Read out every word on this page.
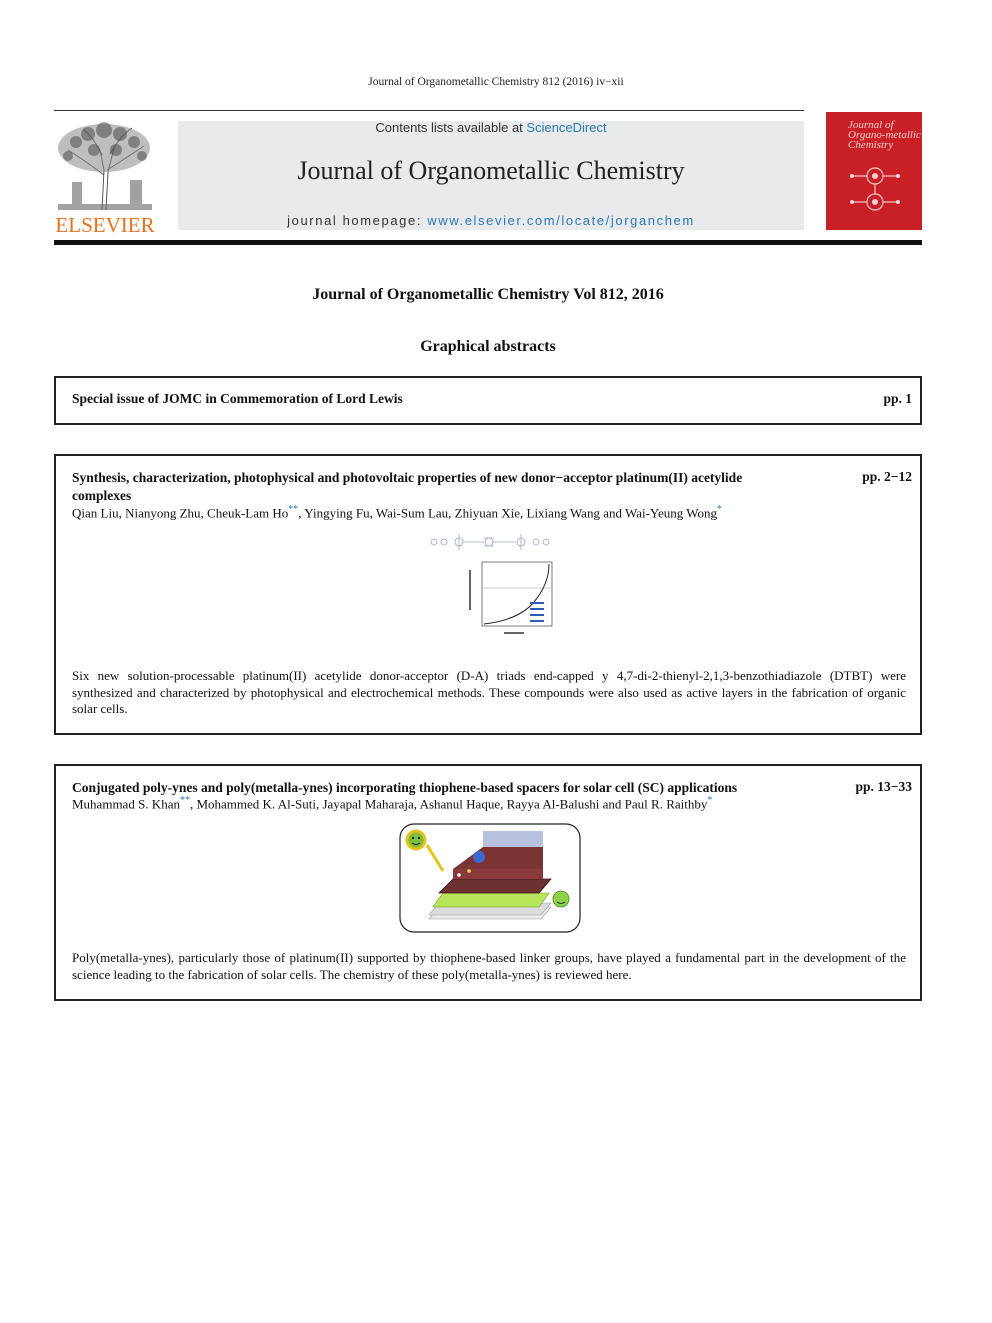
Journal of Organometallic Chemistry 812 (2016) iv−xii
ELSEVIER
Contents lists available at ScienceDirect
Journal of Organometallic Chemistry
journal homepage: www.elsevier.com/locate/jorganchem
Journal of Organo-metallic Chemistry
Journal of Organometallic Chemistry Vol 812, 2016
Graphical abstracts
Special issue of JOMC in Commemoration of Lord Lewis	pp. 1
Synthesis, characterization, photophysical and photovoltaic properties of new donor−acceptor platinum(II) acetylide complexes
pp. 2−12
Qian Liu, Nianyong Zhu, Cheuk-Lam Ho**, Yingying Fu, Wai-Sum Lau, Zhiyuan Xie, Lixiang Wang and Wai-Yeung Wong*
Six new solution-processable platinum(II) acetylide donor-acceptor (D-A) triads end-capped y 4,7-di-2-thienyl-2,1,3-benzothiadiazole (DTBT) were synthesized and characterized by photophysical and electrochemical methods. These compounds were also used as active layers in the fabrication of organic solar cells.
Conjugated poly-ynes and poly(metalla-ynes) incorporating thiophene-based spacers for solar cell (SC) applications	pp. 13−33
Muhammad S. Khan**, Mohammed K. Al-Suti, Jayapal Maharaja, Ashanul Haque, Rayya Al-Balushi and Paul R. Raithby*
Poly(metalla-ynes), particularly those of platinum(II) supported by thiophene-based linker groups, have played a fundamental part in the development of the science leading to the fabrication of solar cells. The chemistry of these poly(metalla-ynes) is reviewed here.
